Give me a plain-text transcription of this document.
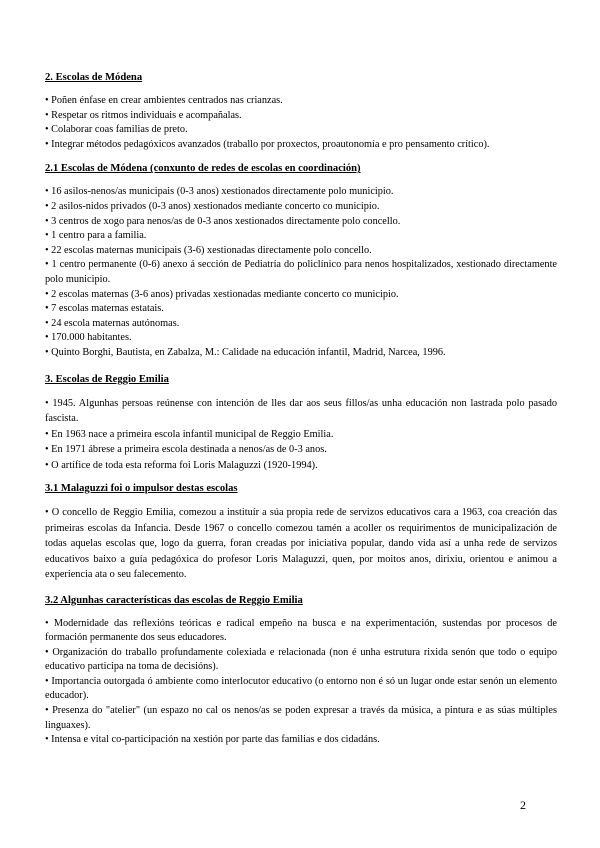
2. Escolas de Módena
• Poñen énfase en crear ambientes centrados nas crianzas.
• Respetar os ritmos individuais e acompañalas.
• Colaborar coas familias de preto.
• Integrar métodos pedagóxicos avanzados (traballo por proxectos, proautonomía e pro pensamento crítico).
2.1 Escolas de Módena (conxunto de redes de escolas en coordinación)
• 16 asilos-nenos/as municipais (0-3 anos) xestionados directamente polo municipio.
• 2 asilos-nidos privados (0-3 anos) xestionados mediante concerto co municipio.
• 3 centros de xogo para nenos/as de 0-3 anos xestionados directamente polo concello.
• 1 centro para a familia.
• 22 escolas maternas municipais (3-6) xestionadas directamente polo concello.
• 1 centro permanente (0-6) anexo á sección de Pediatría do policlínico para nenos hospitalizados, xestionado directamente polo municipio.
• 2 escolas maternas (3-6 anos) privadas xestionadas mediante concerto co municipio.
• 7 escolas maternas estatais.
• 24 escola maternas autónomas.
• 170.000 habitantes.
• Quinto Borghi, Bautista, en Zabalza, M.: Calidade na educación infantil, Madrid, Narcea, 1996.
3. Escolas de Reggio Emilia
• 1945. Algunhas persoas reúnense con intención de lles dar aos seus fillos/as unha educación non lastrada polo pasado fascista.
• En 1963 nace a primeira escola infantil municipal de Reggio Emilia.
• En 1971 ábrese a primeira escola destinada a nenos/as de 0-3 anos.
• O artífice de toda esta reforma foi Loris Malaguzzi (1920-1994).
3.1 Malaguzzi foi o impulsor destas escolas
• O concello de Reggio Emilia, comezou a instituír a súa propia rede de servizos educativos cara a 1963, coa creación das primeiras escolas da Infancia. Desde 1967 o concello comezou tamén a acoller os requirimentos de municipalización de todas aquelas escolas que, logo da guerra, foran creadas por iniciativa popular, dando vida así a unha rede de servizos educativos baixo a guía pedagóxica do profesor Loris Malaguzzi, quen, por moitos anos, dirixiu, orientou e animou a experiencia ata o seu falecemento.
3.2 Algunhas características das escolas de Reggio Emilia
• Modernidade das reflexións teóricas e radical empeño na busca e na experimentación, sustendas por procesos de formación permanente dos seus educadores.
• Organización do traballo profundamente colexiada e relacionada (non é unha estrutura rixida senón que todo o equipo educativo participa na toma de decisións).
• Importancia outorgada ó ambiente como interlocutor educativo (o entorno non é só un lugar onde estar senón un elemento educador).
• Presenza do "atelier" (un espazo no cal os nenos/as se poden expresar a través da música, a pintura e as súas múltiples linguaxes).
• Intensa e vital co-participación na xestión por parte das familias e dos cidadáns.
2
